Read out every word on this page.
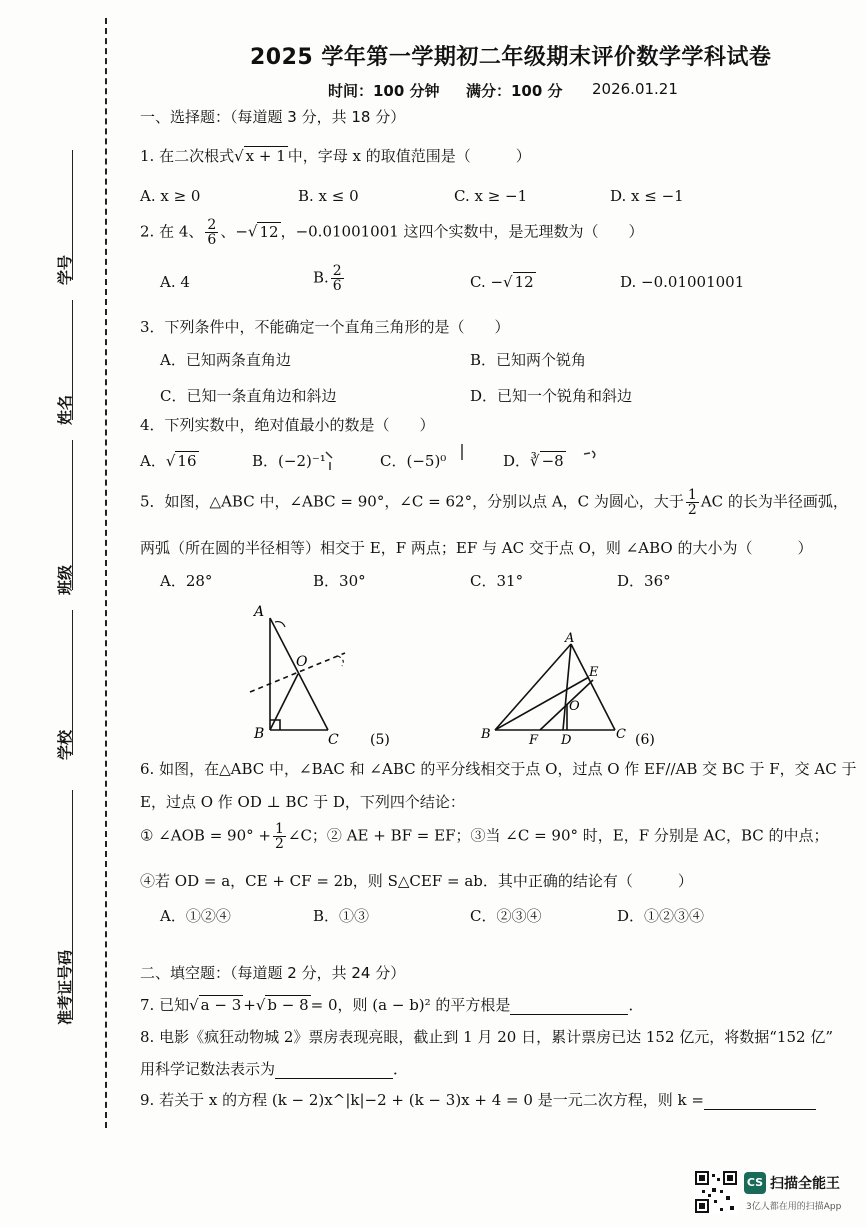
学号
姓名
班级
学校
准考证号码
2025 学年第一学期初二年级期末评价数学学科试卷
时间：100 分钟 满分：100 分 2026.01.21
一、选择题：（每道题 3 分，共 18 分）
1. 在二次根式√ x + 1 中，字母 x 的取值范围是（　　　）
A. x ≥ 0	B. x ≤ 0	C. x ≥ −1	D. x ≤ −1
2. 在 4、 $\frac{2}{6}$ 、−√ 12 ，−0.01001001 这四个实数中，是无理数为（　　）
A. 4	B. $\frac{2}{6}$	C. −√ 12	D. −0.01001001
3．下列条件中，不能确定一个直角三角形的是（　　）
A．已知两条直角边	B．已知两个锐角
C．已知一条直角边和斜边	D．已知一个锐角和斜边
4．下列实数中，绝对值最小的数是（　　）
A．√ 16	B．(−2)⁻¹	C．(−5)⁰	D．∛ −8
5．如图，△ABC 中，∠ABC = 90°，∠C = 62°，分别以点 A，C 为圆心，大于 $\frac{1}{2}$ AC 的长为半径画弧，
两弧（所在圆的半径相等）相交于 E，F 两点；EF 与 AC 交于点 O，则 ∠ABO 的大小为（　　　）
A．28°	B．30°	C．31°	D．36°
A
B	C
O
(5)
A
B	C
D
E
F
O
(6)
6. 如图，在△ABC 中，∠BAC 和 ∠ABC 的平分线相交于点 O，过点 O 作 EF//AB 交 BC 于 F，交 AC 于
E，过点 O 作 OD ⊥ BC 于 D，下列四个结论：
① ∠AOB = $90^\circ + \frac{1}{2}$ ∠C；② AE + BF = EF；③当 ∠C = 90° 时，E，F 分别是 AC，BC 的中点；
④若 OD = a，CE + CF = 2b，则 S△CEF = ab．其中正确的结论有（　　　）
A．①②④	B．①③	C．②③④	D．①②③④
二、填空题：（每道题 2 分，共 24 分）
7. 已知√ a − 3 +√ b − 8 = 0，则 (a − b)² 的平方根是	．
8. 电影《疯狂动物城 2》票房表现亮眼，截止到 1 月 20 日，累计票房已达 152 亿元，将数据“152 亿”
用科学记数法表示为	．
9. 若关于 x 的方程 (k − 2)x^|k|−2 + (k − 3)x + 4 = 0 是一元二次方程，则 k =
CS 扫描全能王
3亿人都在用的扫描App
